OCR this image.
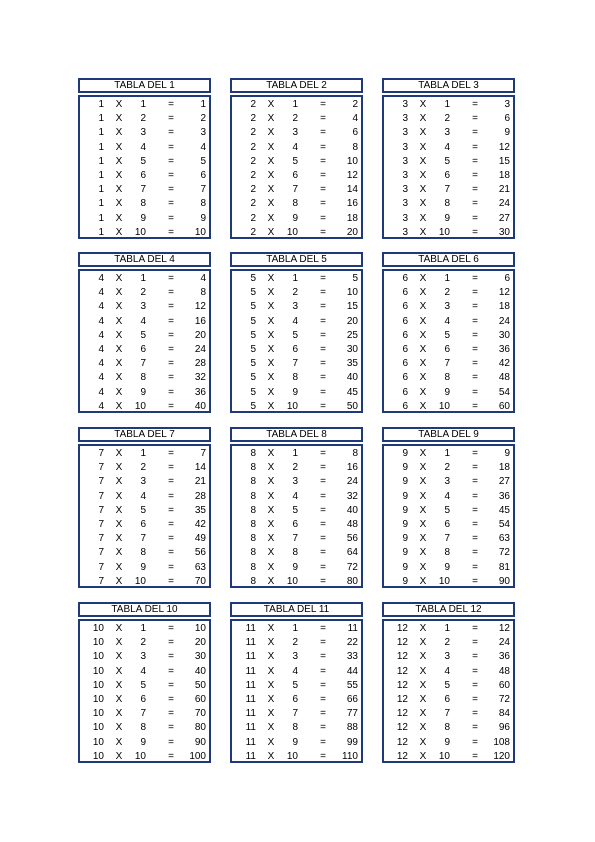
TABLA DEL 1
1 X	1 =	1
1 X	2 =	2
1 X	3 =	3
1 X	4 =	4
1 X	5 =	5
1 X	6 =	6
1 X	7 =	7
1 X	8 =	8
1 X	9 =	9
1 X	10 =	10
TABLA DEL 2
2 X	1 =	2
2 X	2 =	4
2 X	3 =	6
2 X	4 =	8
2 X	5 =	10
2 X	6 =	12
2 X	7 =	14
2 X	8 =	16
2 X	9 =	18
2 X	10 =	20
TABLA DEL 3
3 X	1 =	3
3 X	2 =	6
3 X	3 =	9
3 X	4 =	12
3 X	5 =	15
3 X	6 =	18
3 X	7 =	21
3 X	8 =	24
3 X	9 =	27
3 X	10 =	30
TABLA DEL 4
4 X	1 =	4
4 X	2 =	8
4 X	3 =	12
4 X	4 =	16
4 X	5 =	20
4 X	6 =	24
4 X	7 =	28
4 X	8 =	32
4 X	9 =	36
4 X	10 =	40
TABLA DEL 5
5 X	1 =	5
5 X	2 =	10
5 X	3 =	15
5 X	4 =	20
5 X	5 =	25
5 X	6 =	30
5 X	7 =	35
5 X	8 =	40
5 X	9 =	45
5 X	10 =	50
TABLA DEL 6
6 X	1 =	6
6 X	2 =	12
6 X	3 =	18
6 X	4 =	24
6 X	5 =	30
6 X	6 =	36
6 X	7 =	42
6 X	8 =	48
6 X	9 =	54
6 X	10 =	60
TABLA DEL 7
7 X	1 =	7
7 X	2 =	14
7 X	3 =	21
7 X	4 =	28
7 X	5 =	35
7 X	6 =	42
7 X	7 =	49
7 X	8 =	56
7 X	9 =	63
7 X	10 =	70
TABLA DEL 8
8 X	1 =	8
8 X	2 =	16
8 X	3 =	24
8 X	4 =	32
8 X	5 =	40
8 X	6 =	48
8 X	7 =	56
8 X	8 =	64
8 X	9 =	72
8 X	10 =	80
TABLA DEL 9
9 X	1 =	9
9 X	2 =	18
9 X	3 =	27
9 X	4 =	36
9 X	5 =	45
9 X	6 =	54
9 X	7 =	63
9 X	8 =	72
9 X	9 =	81
9 X	10 =	90
TABLA DEL 10
10 X	1 =	10
10 X	2 =	20
10 X	3 =	30
10 X	4 =	40
10 X	5 =	50
10 X	6 =	60
10 X	7 =	70
10 X	8 =	80
10 X	9 =	90
10 X	10 =	100
TABLA DEL 11
11 X	1 =	11
11 X	2 =	22
11 X	3 =	33
11 X	4 =	44
11 X	5 =	55
11 X	6 =	66
11 X	7 =	77
11 X	8 =	88
11 X	9 =	99
11 X	10 =	110
TABLA DEL 12
12 X	1 =	12
12 X	2 =	24
12 X	3 =	36
12 X	4 =	48
12 X	5 =	60
12 X	6 =	72
12 X	7 =	84
12 X	8 =	96
12 X	9 =	108
12 X	10 =	120
